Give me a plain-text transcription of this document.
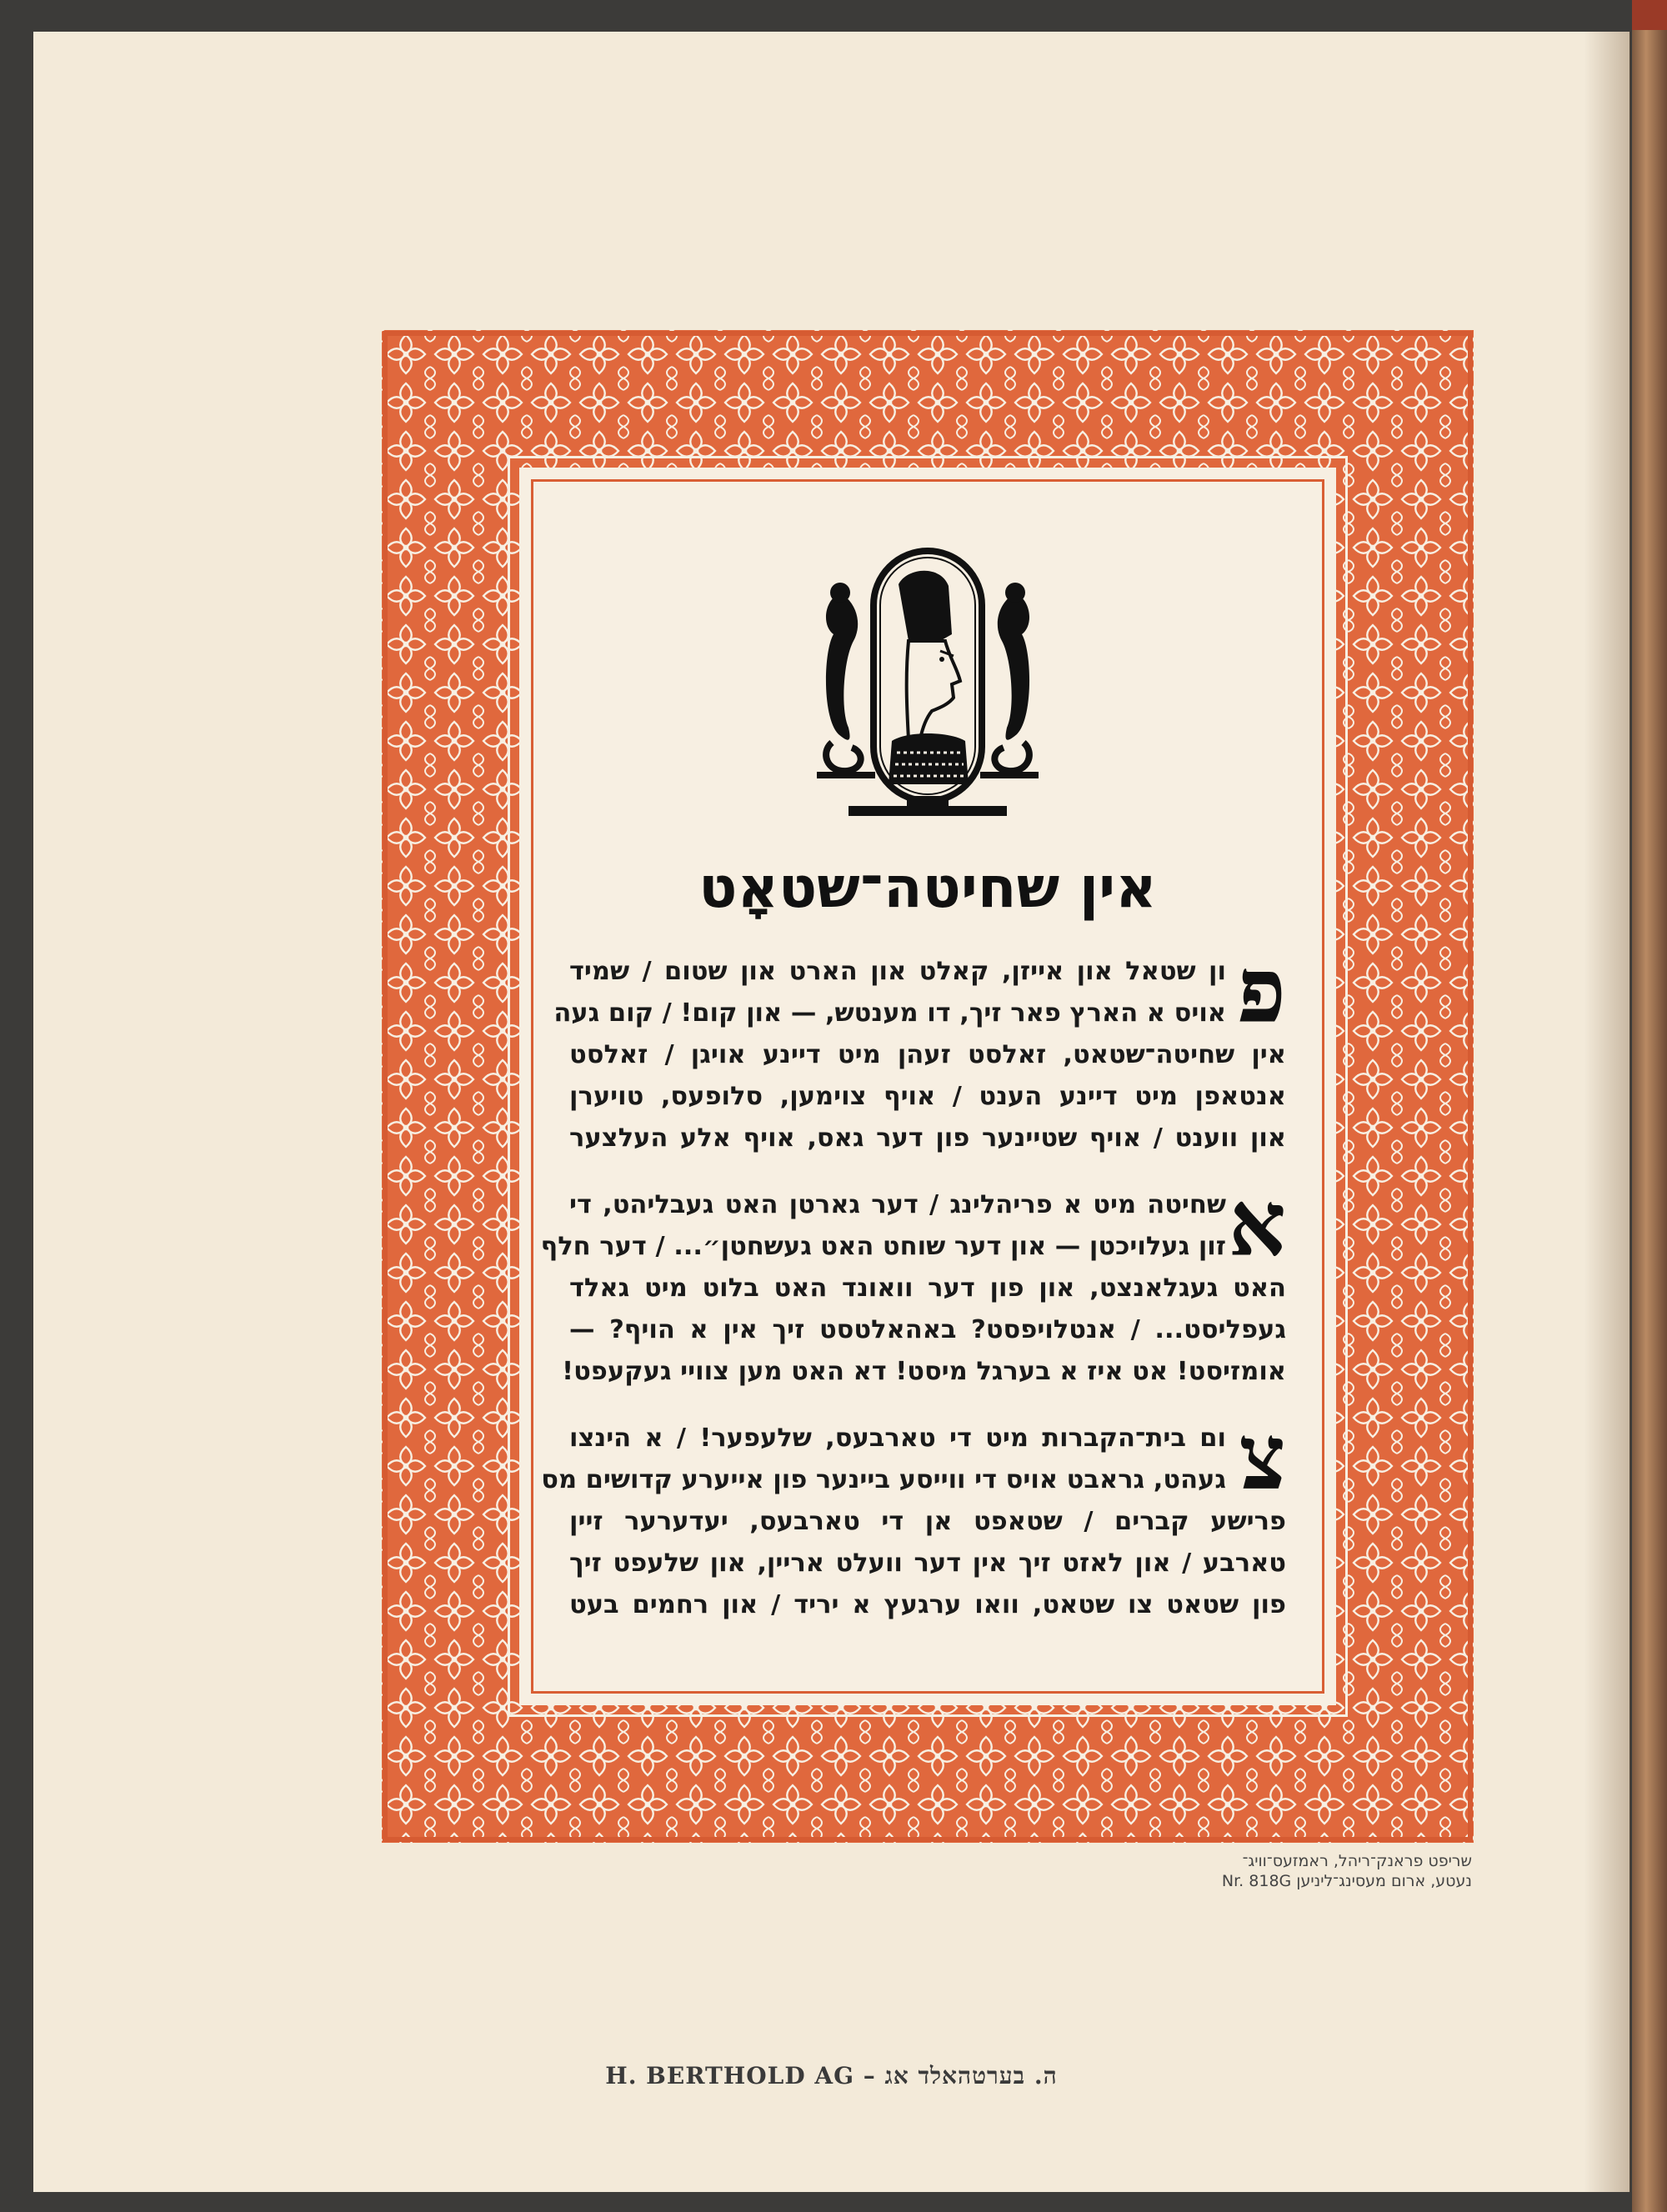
אין שחיטה־שטאָט
פ
ון שטאל און אייזן, קאלט און הארט און שטום / שמיד
אויס א הארץ פאר זיך, דו מענטש, — און קום! / קום געה
אין שחיטה־שטאט, זאלסט זעהן מיט דיינע אויגן / זאלסט
אנטאפן מיט דיינע הענט / אויף צוימען, סלופעס, טויערן
און ווענט / אויף שטיינער פון דער גאס, אויף אלע העלצער
א
שחיטה מיט א פריהלינג / דער גארטן האט געבליהט, די
זון געלויכטן — און דער שוחט האט געשחטן״... / דער חלף
האט געגלאנצט, און פון דער וואונד האט בלוט מיט גאלד
געפליסט... / אנטלויפסט? באהאלטסט זיך אין א הויף? —
אומזיסט! אט איז א בערגל מיסט! דא האט מען צוויי געקעפט!
צ
ום בית־הקברות מיט די טארבעס, שלעפער! / א הינצו
געהט, גראבט אויס די ווייסע ביינער פון אייערע קדושים מס
פרישע קברים / שטאפט אן די טארבעס, יעדערער זיין
טארבע / און לאזט זיך אין דער וועלט אריין, און שלעפט זיך
פון שטאט צו שטאט, וואו ערגעץ א יריד / און רחמים בעט
שריפט פראנק־ריהל, ראמזעס־וויג־
נעטע, ארום מעסינג־ליניען Nr. 818G
H. BERTHOLD AG – ה. בערטהאלד אג
